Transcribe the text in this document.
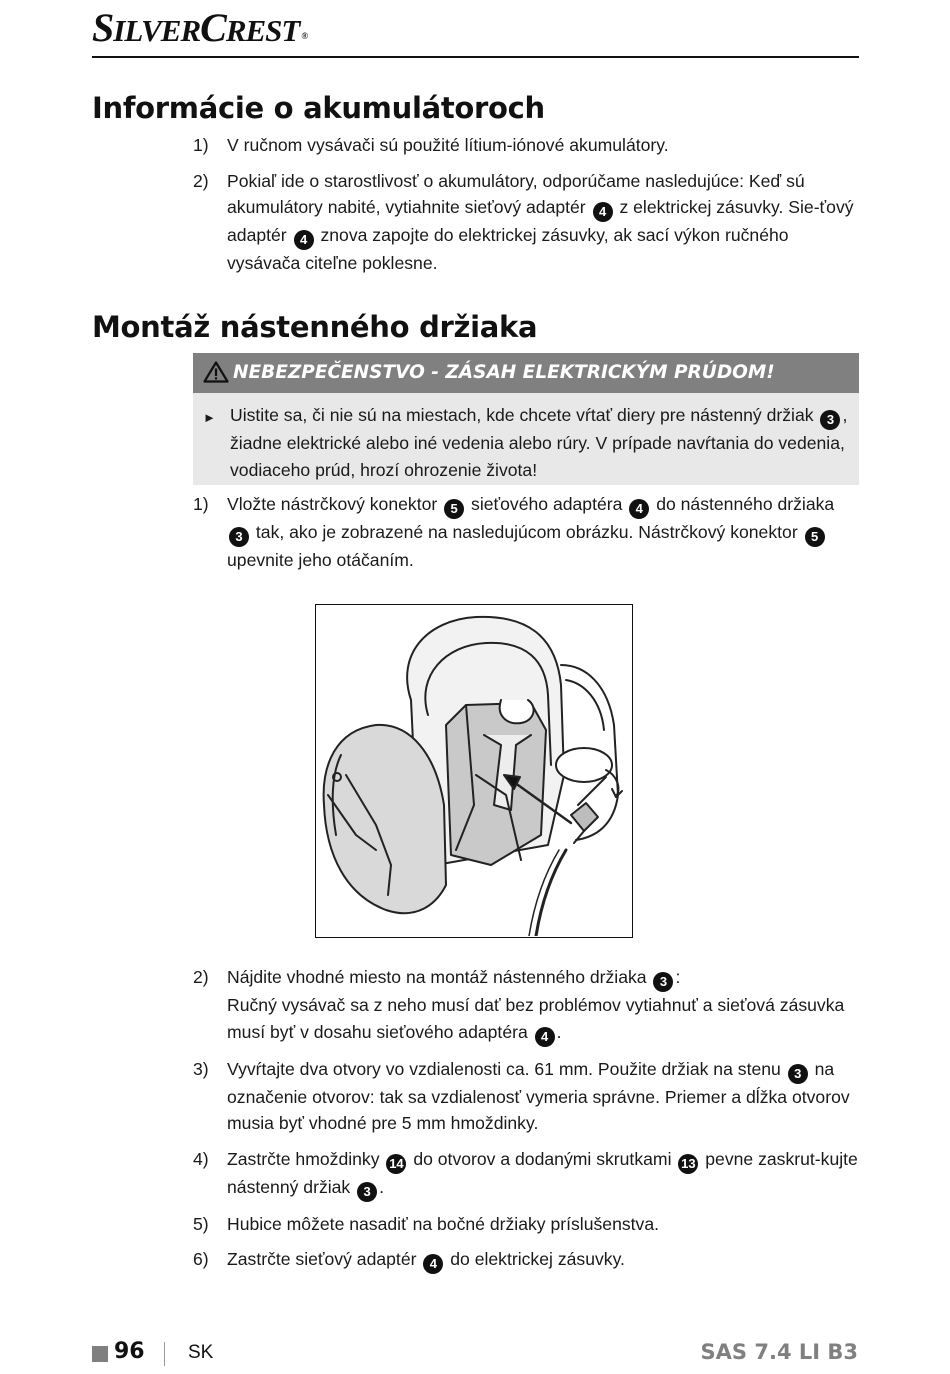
SILVERCREST ®
Informácie o akumulátoroch
1) V ručnom vysávači sú použité lítium-iónové akumulátory.
2) Pokiaľ ide o starostlivosť o akumulátory, odporúčame nasledujúce: Keď sú akumulátory nabité, vytiahnite sieťový adaptér 4 z elektrickej zásuvky. Sie-ťový adaptér 4 znova zapojte do elektrickej zásuvky, ak sací výkon ručného vysávača citeľne poklesne.
Montáž nástenného držiaka
NEBEZPEČENSTVO - ZÁSAH ELEKTRICKÝM PRÚDOM!
► Uistite sa, či nie sú na miestach, kde chcete vŕtať diery pre nástenný držiak 3 , žiadne elektrické alebo iné vedenia alebo rúry. V prípade navŕtania do vedenia, vodiaceho prúd, hrozí ohrozenie života!
1) Vložte nástrčkový konektor 5 sieťového adaptéra 4 do nástenného držiaka 3 tak, ako je zobrazené na nasledujúcom obrázku. Nástrčkový konektor 5 upevnite jeho otáčaním.
2) Nájdite vhodné miesto na montáž nástenného držiaka 3 :
Ručný vysávač sa z neho musí dať bez problémov vytiahnuť a sieťová zásuvka musí byť v dosahu sieťového adaptéra 4 .
3) Vyvŕtajte dva otvory vo vzdialenosti ca. 61 mm. Použite držiak na stenu 3 na označenie otvorov: tak sa vzdialenosť vymeria správne. Priemer a dĺžka otvorov musia byť vhodné pre 5 mm hmoždinky.
4) Zastrčte hmoždinky 14 do otvorov a dodanými skrutkami 13 pevne zaskrut-kujte nástenný držiak 3 .
5) Hubice môžete nasadiť na bočné držiaky príslušenstva.
6) Zastrčte sieťový adaptér 4 do elektrickej zásuvky.
96 SK	SAS 7.4 LI B3
